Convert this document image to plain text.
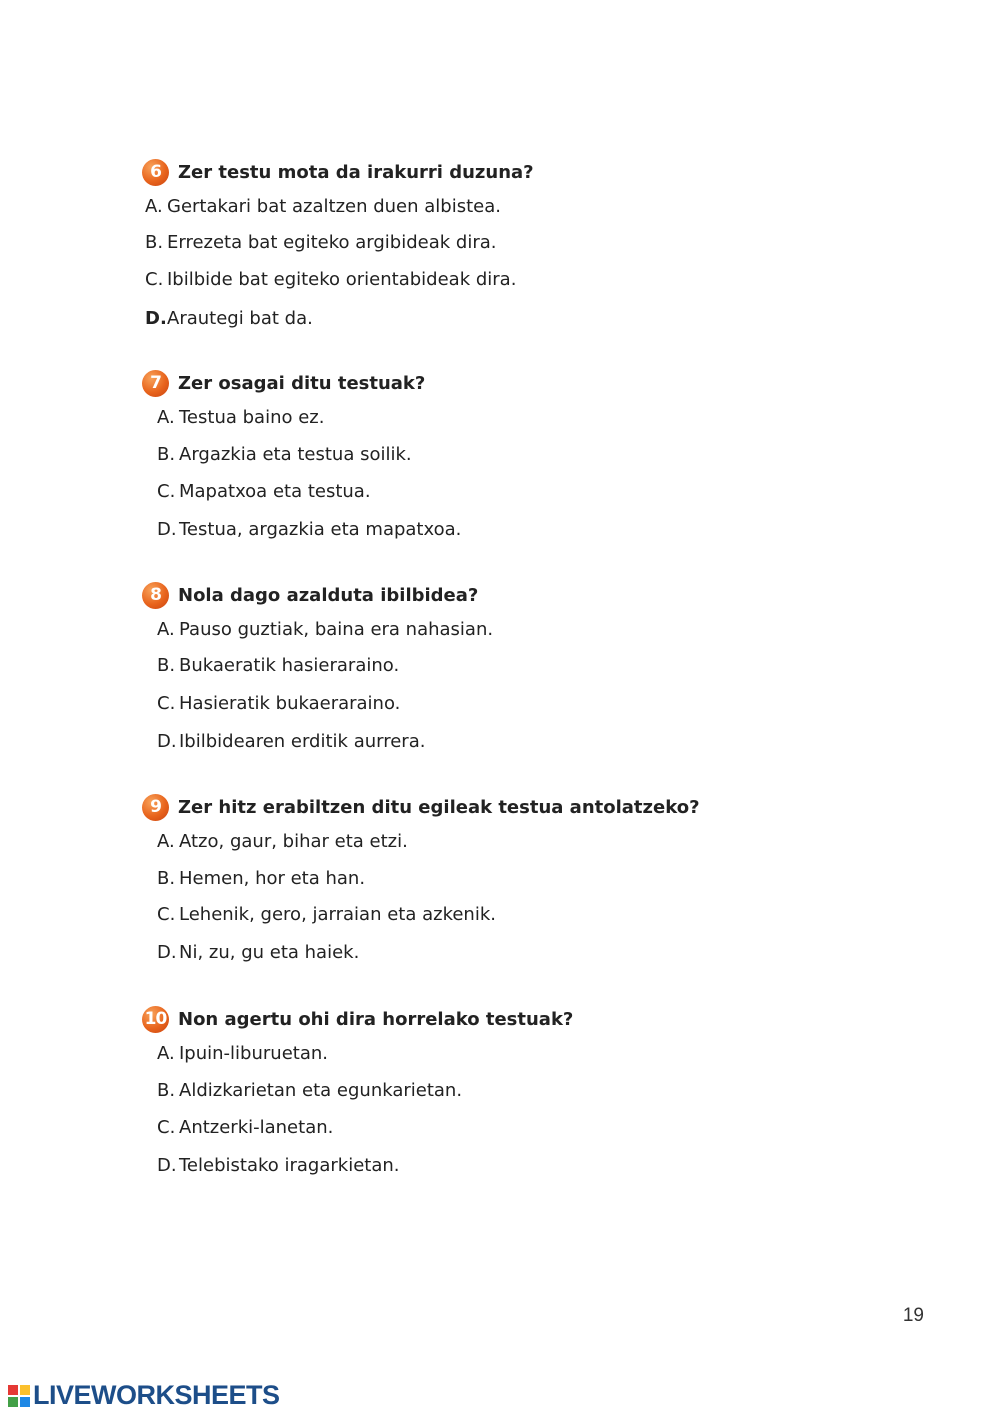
6 Zer testu mota da irakurri duzuna?
A. Gertakari bat azaltzen duen albistea.
B. Errezeta bat egiteko argibideak dira.
C. Ibilbide bat egiteko orientabideak dira.
D.Arautegi bat da.
7 Zer osagai ditu testuak?
A. Testua baino ez.
B. Argazkia eta testua soilik.
C. Mapatxoa eta testua.
D. Testua, argazkia eta mapatxoa.
8 Nola dago azalduta ibilbidea?
A. Pauso guztiak, baina era nahasian.
B. Bukaeratik hasieraraino.
C. Hasieratik bukaeraraino.
D. Ibilbidearen erditik aurrera.
9 Zer hitz erabiltzen ditu egileak testua antolatzeko?
A. Atzo, gaur, bihar eta etzi.
B. Hemen, hor eta han.
C. Lehenik, gero, jarraian eta azkenik.
D. Ni, zu, gu eta haiek.
10 Non agertu ohi dira horrelako testuak?
A. Ipuin-liburuetan.
B. Aldizkarietan eta egunkarietan.
C. Antzerki-lanetan.
D. Telebistako iragarkietan.
19
LIVEWORKSHEETS
